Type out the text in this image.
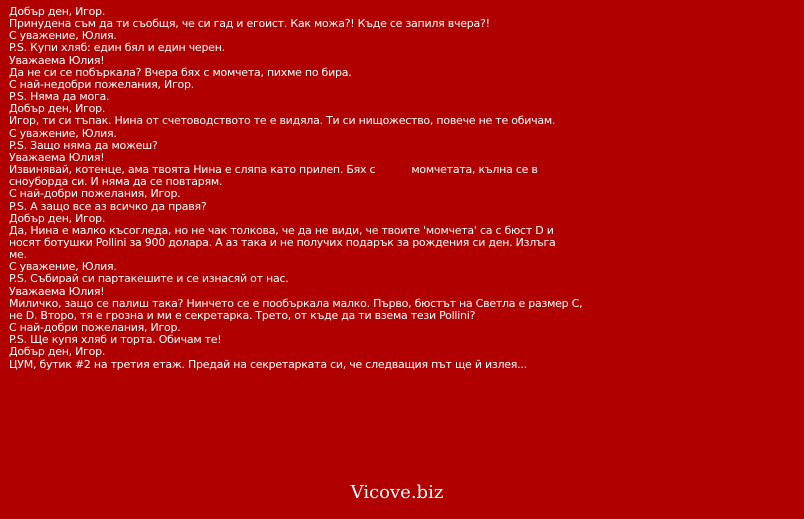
Добър ден, Игор.
Принудена съм да ти съобщя, че си гад и егоист. Как можа?! Къде се запиля вчера?!
С уважение, Юлия.
P.S. Купи хляб: един бял и един черен.
Уважаема Юлия!
Да не си се побъркала? Вчера бях с момчета, пихме по бира.
С най-недобри пожелания, Игор.
P.S. Няма да мога.
Добър ден, Игор.
Игор, ти си тъпак. Нина от счетоводството те е видяла. Ти си нищожество, повече не те обичам.
С уважение, Юлия.
P.S. Защо няма да можеш?
Уважаема Юлия!
Извинявай, котенце, ама твоята Нина е сляпа като прилеп. Бях с	момчетата, кълна се в
сноуборда си. И няма да се повтарям.
С най-добри пожелания, Игор.
P.S. А защо все аз всичко да правя?
Добър ден, Игор.
Да, Нина е малко късогледа, но не чак толкова, че да не види, че твоите 'момчета' са с бюст D и
носят ботушки Pollini за 900 долара. А аз така и не получих подарък за рождения си ден. Излъга
ме.
С уважение, Юлия.
P.S. Събирай си партакешите и се изнасяй от нас.
Уважаема Юлия!
Миличко, защо се палиш така? Нинчето се е пообъркала малко. Първо, бюстът на Светла е размер С,
не D. Второ, тя е грозна и ми е секретарка. Трето, от къде да ти взема тези Pollini?
С най-добри пожелания, Игор.
P.S. Ще купя хляб и торта. Обичам те!
Добър ден, Игор.
ЦУМ, бутик #2 на третия етаж. Предай на секретарката си, че следващия път ще й излея...
Vicove.biz
